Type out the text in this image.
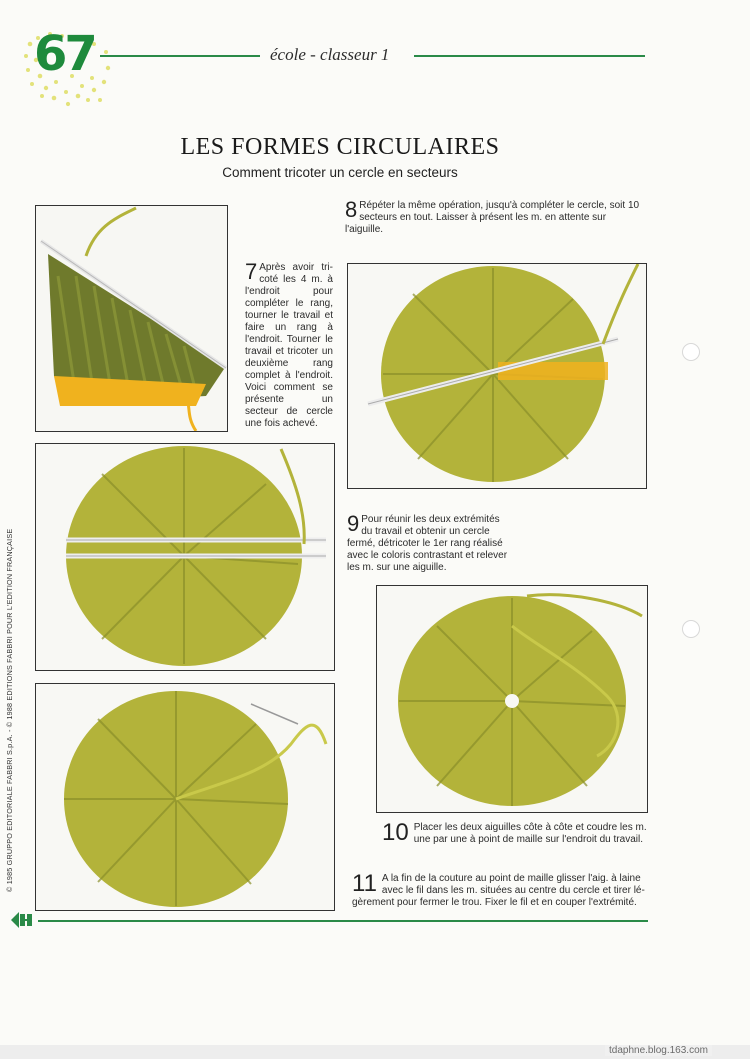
67	école - classeur 1
LES FORMES CIRCULAIRES
Comment tricoter un cercle en secteurs
7 Après avoir tricoté les 4 m. à l'endroit pour compléter le rang, tourner le travail et faire un rang à l'endroit. Tourner le travail et tricoter un deuxième rang complet à l'endroit. Voici comment se présente un secteur de cercle une fois achevé.
8 Répéter la même opération, jusqu'à compléter le cercle, soit 10 secteurs en tout. Laisser à présent les m. en attente sur l'aiguille.
9 Pour réunir les deux extrémités du travail et obtenir un cercle fermé, détricoter le 1er rang réalisé avec le coloris contrastant et relever les m. sur une aiguille.
10 Placer les deux aiguilles côte à côte et coudre les m. une par une à point de maille sur l'endroit du travail.
11 A la fin de la couture au point de maille glisser l'aig. à laine avec le fil dans les m. situées au centre du cercle et tirer légèrement pour fermer le trou. Fixer le fil et en couper l'extrémité.
© 1985 GRUPPO EDITORIALE FABBRI S.p.A. - © 1988 EDITIONS FABBRI POUR L'EDITION FRANÇAISE
tdaphne.blog.163.com
